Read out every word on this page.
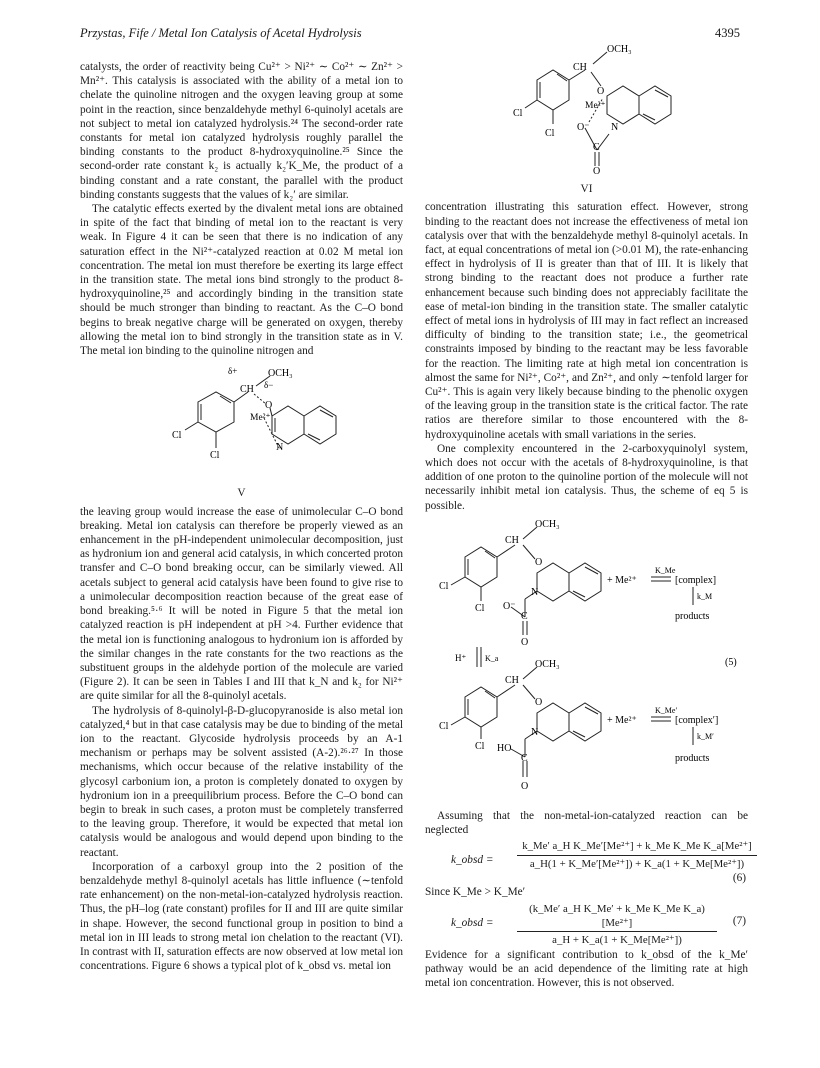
Przystas, Fife / Metal Ion Catalysis of Acetal Hydrolysis	4395

catalysts, the order of reactivity being Cu²⁺ > Ni²⁺ ∼ Co²⁺ ∼ Zn²⁺ > Mn²⁺. This catalysis is associated with the ability of a metal ion to chelate the quinoline nitrogen and the oxygen leaving group at some point in the reaction, since benzaldehyde methyl 6-quinolyl acetals are not subject to metal ion catalyzed hydrolysis.²⁴ The second-order rate constants for metal ion catalyzed hydrolysis roughly parallel the binding constants to the product 8-hydroxyquinoline.²⁵ Since the second-order rate constant k₂ is actually k₂′K_Me, the product of a binding constant and a rate constant, the parallel with the product binding constants suggests that the values of k₂′ are similar.

The catalytic effects exerted by the divalent metal ions are obtained in spite of the fact that binding of metal ion to the reactant is very weak. In Figure 4 it can be seen that there is no indication of any saturation effect in the Ni²⁺-catalyzed reaction at 0.02 M metal ion concentration. The metal ion must therefore be exerting its large effect in the transition state. The metal ions bind strongly to the product 8-hydroxyquinoline,²⁵ and accordingly binding in the transition state should be much stronger than binding to reactant. As the C–O bond begins to break negative charge will be generated on oxygen, thereby allowing the metal ion to bind strongly in the transition state as in V. The metal ion binding to the quinoline nitrogen and

δ+	OCH₃
CH δ−
O
Me²⁺
N
Cl
Cl
V

the leaving group would increase the ease of unimolecular C–O bond breaking. Metal ion catalysis can therefore be properly viewed as an enhancement in the pH-independent unimolecular decomposition, just as hydronium ion and general acid catalysis, in which concerted proton transfer and C–O bond breaking occur, can be similarly viewed. All acetals subject to general acid catalysis have been found to give rise to a unimolecular decomposition reaction because of the great ease of bond breaking.⁵·⁶ It will be noted in Figure 5 that the metal ion catalyzed reaction is pH independent at pH >4. Further evidence that the metal ion is functioning analogous to hydronium ion is afforded by the similar changes in the rate constants for the two reactions as the substituent groups in the aldehyde portion of the molecule are varied (Figure 2). It can be seen in Tables I and III that k_N and k₂ for Ni²⁺ are quite similar for all the 8-quinolyl acetals.

The hydrolysis of 8-quinolyl-β-D-glucopyranoside is also metal ion catalyzed,⁴ but in that case catalysis may be due to binding of the metal ion to the reactant. Glycoside hydrolysis proceeds by an A-1 mechanism or perhaps may be solvent assisted (A-2).²⁶·²⁷ In those mechanisms, which occur because of the relative instability of the glycosyl carbonium ion, a proton is completely donated to oxygen by hydronium ion in a preequilibrium process. Before the C–O bond can begin to break in such cases, a proton must be completely transferred to the leaving group. Therefore, it would be expected that metal ion catalysis would be analogous and would depend upon binding to the reactant.

Incorporation of a carboxyl group into the 2 position of the benzaldehyde methyl 8-quinolyl acetals has little influence (∼tenfold rate enhancement) on the non-metal-ion-catalyzed hydrolysis reaction. Thus, the pH–log (rate constant) profiles for II and III are quite similar in shape. However, the second functional group in position to bind a metal ion in III leads to strong metal ion chelation to the reactant (VI). In contrast with II, saturation effects are now observed at low metal ion concentrations. Figure 6 shows a typical plot of k_obsd vs. metal ion

OCH₃
CH
O
Me²⁺
N
O⁻
Cl
Cl
C
O
VI

concentration illustrating this saturation effect. However, strong binding to the reactant does not increase the effectiveness of metal ion catalysis over that with the benzaldehyde methyl 8-quinolyl acetals. In fact, at equal concentrations of metal ion (>0.01 M), the rate-enhancing effect in hydrolysis of II is greater than that of III. It is likely that strong binding to the reactant does not produce a further rate enhancement because such binding does not appreciably facilitate the ease of metal-ion binding in the transition state. The smaller catalytic effect of metal ions in hydrolysis of III may in fact reflect an increased difficulty of binding to the transition state; i.e., the geometrical constraints imposed by binding to the reactant may be less favorable for the reaction. The limiting rate at high metal ion concentration is almost the same for Ni²⁺, Co²⁺, and Zn²⁺, and only ∼tenfold larger for Cu²⁺. This is again very likely because binding to the phenolic oxygen of the leaving group in the transition state is the critical factor. The rate ratios are therefore similar to those encountered with the 8-hydroxyquinoline acetals with small variations in the series.

One complexity encountered in the 2-carboxyquinolyl system, which does not occur with the acetals of 8-hydroxyquinoline, is that addition of one proton to the quinoline portion of the molecule will not necessarily inhibit metal ion catalysis. Thus, the scheme of eq 5 is possible.

OCH₃
CH
O
N
Cl
Cl O⁻
C
O
+ Me²⁺
K_Me
[complex]
k_M
products
H⁺ K_a	(5)
OCH₃
CH
O
N
Cl
Cl HO
C
O
+ Me²⁺
K_Me′
[complex′]
k_M′
products

Assuming that the non-metal-ion-catalyzed reaction can be neglected

k_obsd = $\frac{\text{k\_Me′ a\_H K\_Me′[Me²⁺] + k\_Me K\_Me K\_a[Me²⁺]}}{\text{a\_H(1 + K\_Me′[Me²⁺]) + K\_a(1 + K\_Me[Me²⁺])}}$
(6)

Since K_Me > K_Me′

k_obsd = $\frac{\text{(k\_Me′ a\_H K\_Me′ + k\_Me K\_Me K\_a)[Me²⁺]}}{\text{a\_H + K\_a(1 + K\_Me[Me²⁺])}} (7)$

Evidence for a significant contribution to k_obsd of the k_Me′ pathway would be an acid dependence of the limiting rate at high metal ion concentration. However, this is not observed.
